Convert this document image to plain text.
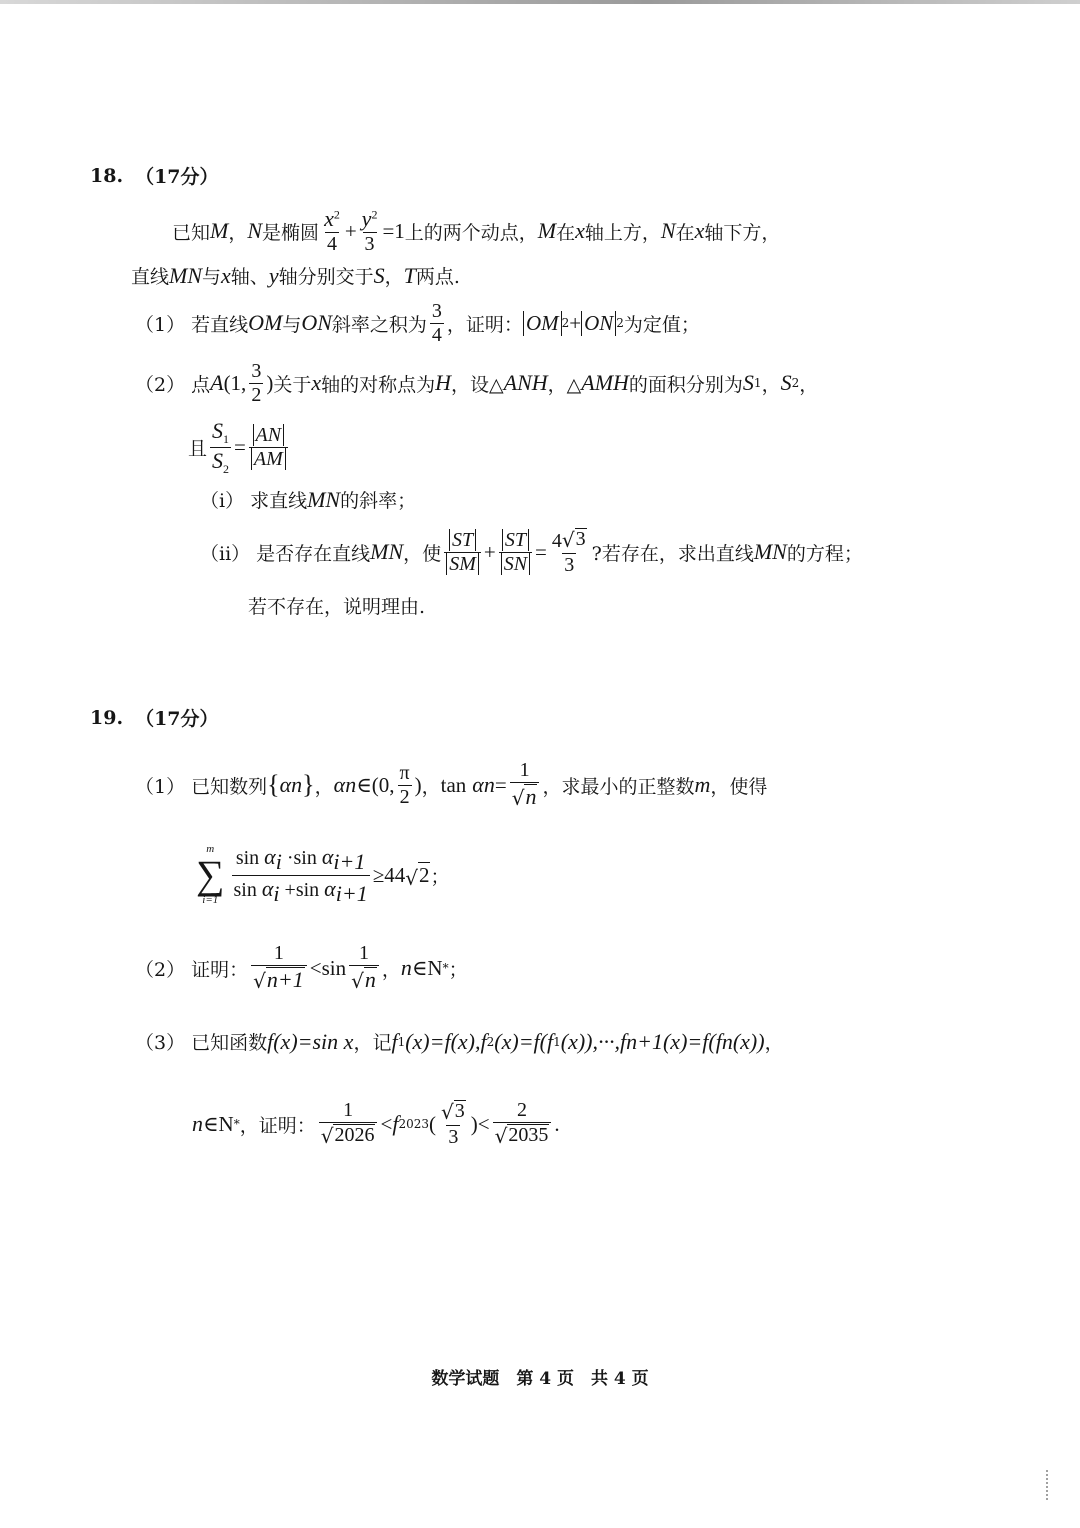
18. （17分）
已知 M ， N 是椭圆 $\frac{x^2}{4} + \frac{y^2}{3} =1$ 上的两个动点， M 在 x 轴上方， N 在 x 轴下方，
直线 MN 与 x 轴、 y 轴分别交于 S ， T 两点.
（1） 若直线 OM 与 ON 斜率之积为 $\frac{3}{4}$ ，证明： OM 2 + ON 2 为定值；
（2） 点 A (1, $\frac{3}{2}$ ) 关于 x 轴的对称点为 H ，设△ ANH ，△ AMH 的面积分别为 S 1 ， S 2 ，
且 $\frac{S_1}{S_2} = \frac{AN}{AM}$
（i） 求直线 MN 的斜率；
（ii） 是否存在直线 MN ，使 $\frac{ST}{SM} + \frac{ST}{SN} = \frac{4 √ 3}{3}$ ?若存在，求出直线 MN 的方程；
若不存在，说明理由.
19. （17分）
（1） 已知数列 { α n } ， α n ∈(0, $\frac{\pi}{2}$ ) ， tan α $n = \frac{1}{√ n}$ ，求最小的正整数 m ，使得
m
∑
$i=1 \frac{\sin \alpha_i \cdot\sin \alpha_{i+1}}{\sin \alpha_i +\sin \alpha_{i+1}} \ge 44$ √ 2 ；
（2） 证明： $\frac{1}{√ n+1} < \sin \frac{1}{√ n}$ ， n ∈ N * ；
（3） 已知函数 f(x)=sin x ，记 f 1 (x)=f(x), f 2 (x)=f( f 1 (x)),···, f n+1 (x)=f( f n (x)) ，
n ∈ N * ，证明： $\frac{1}{√ 2026} < f$ 2023 ( $\frac{√ 3}{3}$ ) < $\frac{2}{√ 2035}$ .
数学试题　第 4 页　共 4 页
